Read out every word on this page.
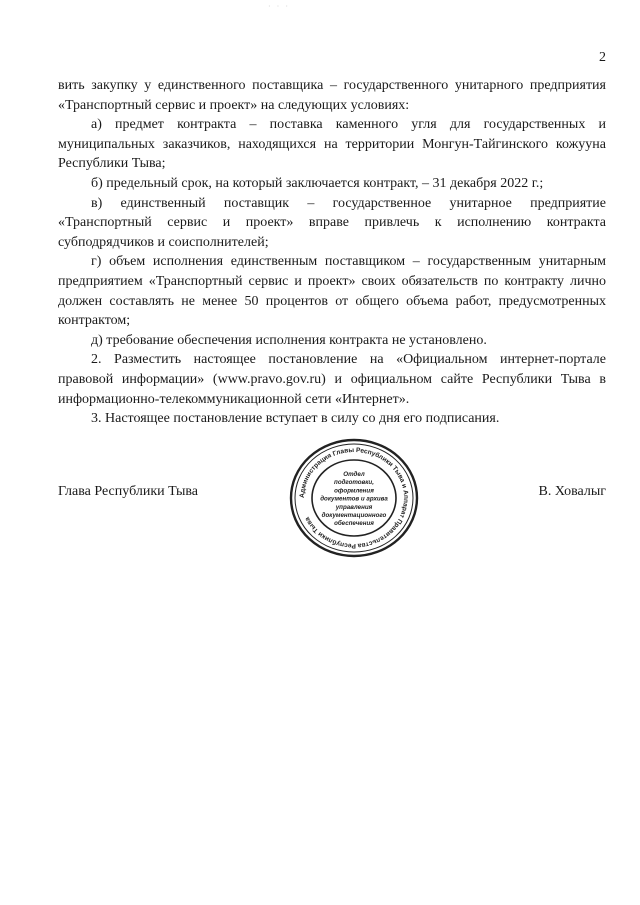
· · ·
2

вить закупку у единственного поставщика – государственного унитарного предприятия «Транспортный сервис и проект» на следующих условиях:

а) предмет контракта – поставка каменного угля для государственных и муниципальных заказчиков, находящихся на территории Монгун-Тайгинского кожууна Республики Тыва;

б) предельный срок, на который заключается контракт, – 31 декабря 2022 г.;

в) единственный поставщик – государственное унитарное предприятие «Транспортный сервис и проект» вправе привлечь к исполнению контракта субподрядчиков и соисполнителей;

г) объем исполнения единственным поставщиком – государственным унитарным предприятием «Транспортный сервис и проект» своих обязательств по контракту лично должен составлять не менее 50 процентов от общего объема работ, предусмотренных контрактом;

д) требование обеспечения исполнения контракта не установлено.

2. Разместить настоящее постановление на «Официальном интернет-портале правовой информации» (www.pravo.gov.ru) и официальном сайте Республики Тыва в информационно-телекоммуникационной сети «Интернет».

3. Настоящее постановление вступает в силу со дня его подписания.

Глава Республики Тыва	В. Ховалыг
Администрация Главы Республики Тыва и Аппарат Правительства Республики Тыва
Отдел
подготовки,
оформления
документов и архива
управления
документационного
обеспечения
